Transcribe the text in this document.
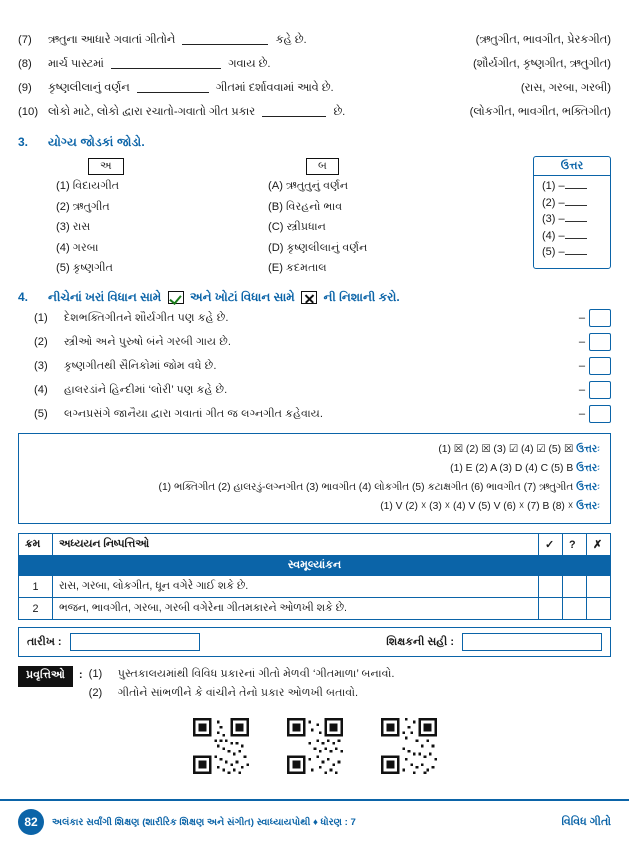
(7)	ઋતુના આધારે ગવાતાં ગીતોને	કહે છે.	(ઋતુગીત, ભાવગીત, પ્રેરકગીત)
(8)	માર્ચ પાસ્ટમાં	ગવાય છે.	(શૌર્યગીત, કૃષ્ણગીત, ઋતુગીત)
(9)	કૃષ્ણલીલાનું વર્ણન	ગીતમાં દર્શાવવામાં આવે છે.	(રાસ, ગરબા, ગરબી)
(10) લોકો માટે, લોકો દ્વારા રચાતો-ગવાતો ગીત પ્રકાર	છે.	(લોકગીત, ભાવગીત, ભક્તિગીત)
3.	યોગ્ય જોડકાં જોડો.
અ	બ
(1) વિદાયગીત
(2) ઋતુગીત
(3) રાસ
(4) ગરબા
(5) કૃષ્ણગીત
(A) ઋતુતુનું વર્ણન
(B) વિરહનો ભાવ
(C) સ્ત્રીપ્રધાન
(D) કૃષ્ણલીલાનું વર્ણન
(E) કદમતાલ
ઉત્તર
(1) –
(2) –
(3) –
(4) –
(5) –
4.	નીચેનાં ખરાં વિધાન સામે અને ખોટાં વિધાન સામે ની નિશાની કરો.
(1)	દેશભક્તિગીતને શૌર્યગીત પણ કહે છે.	–
(2)	સ્ત્રીઓ અને પુરુષો બંને ગરબી ગાય છે.	–
(3)	કૃષ્ણગીતથી સૈનિકોમાં જોમ વધે છે.	–
(4)	હાલરડાંને હિન્દીમાં ‘લોરી’ પણ કહે છે.	–
(5)	લગ્નપ્રસંગે જાનૈયા દ્વારા ગવાતાં ગીત જ લગ્નગીત કહેવાય.	–
(1) ☒ (2) ☒ (3) ☑ (4) ☑ (5) ☒ ઉત્તરઃ
(1) E (2) A (3) D (4) C (5) B ઉત્તરઃ
(1) ભક્તિગીત (2) હાલરડું-લગ્નગીત (3) ભાવગીત (4) લોકગીત (5) કટાક્ષગીત (6) ભાવગીત (7) ઋતુગીત ઉત્તરઃ
(1) V (2) ☓ (3) ☓ (4) V (5) V (6) ☓ (7) B (8) ☓ ઉત્તરઃ
સ્વમૂલ્યાંકન				
ક્રમ	અધ્યયન નિષ્પત્તિઓ	✓	?	✗
1	રાસ, ગરબા, લોકગીત, ધૂન વગેરે ગાઈ શકે છે.			
2	ભજન, ભાવગીત, ગરબા, ગરબી વગેરેના ગીતમકારને ઓળખી શકે છે.			
તારીખ :	શિક્ષકની સહી :
પ્રવૃત્તિઓ	: (1) પુસ્તકાલયમાંથી વિવિધ પ્રકારનાં ગીતો મેળવી ‘ગીતમાળા’ બનાવો.
(2) ગીતોને સાંભળીને કે વાંચીને તેનો પ્રકાર ઓળખી બતાવો.
82	અલંકાર સર્વાંગી શિક્ષણ (શારીરિક શિક્ષણ અને સંગીત) સ્વાધ્યાયપોથી ♦ ધોરણ : 7	વિવિધ ગીતો
